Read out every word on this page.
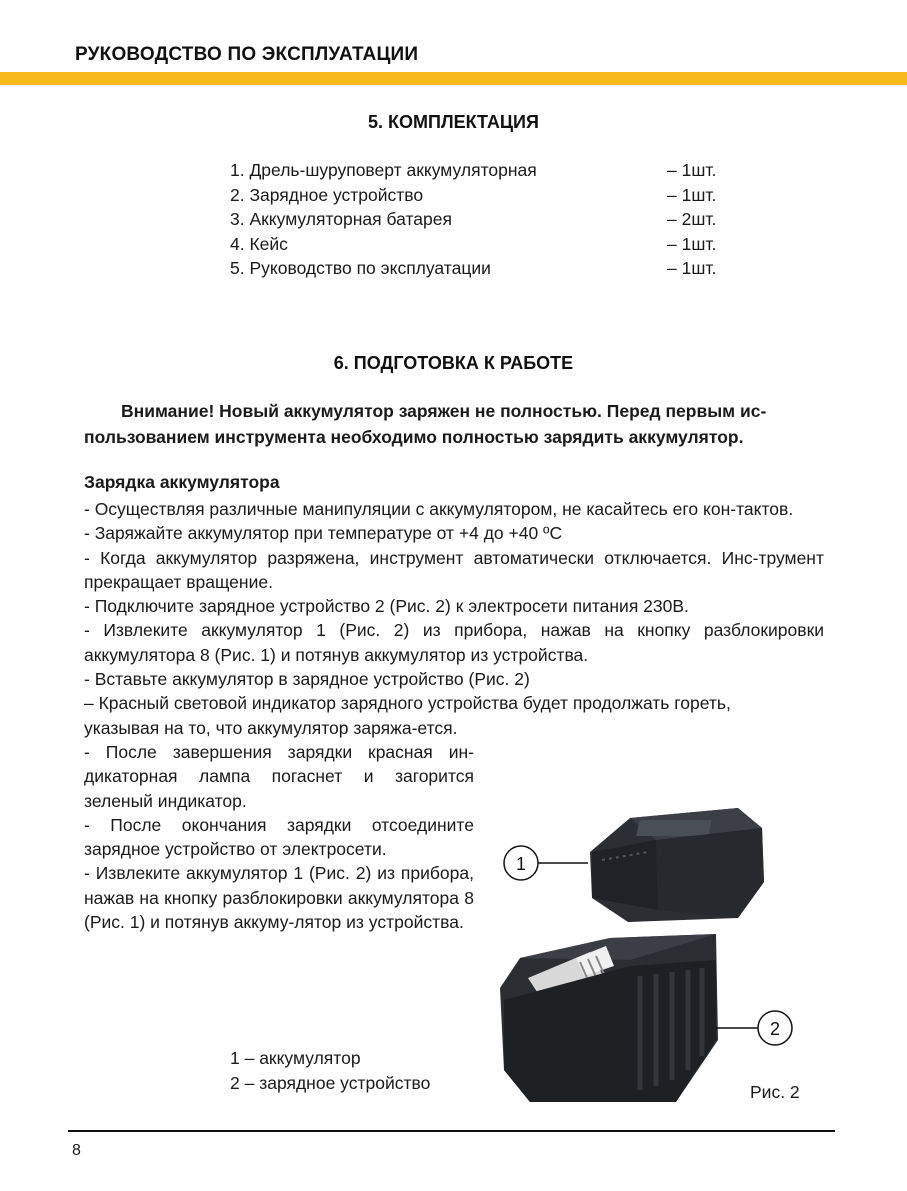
РУКОВОДСТВО ПО ЭКСПЛУАТАЦИИ
5. КОМПЛЕКТАЦИЯ
1. Дрель-шуруповерт аккумуляторная	– 1шт.
2. Зарядное устройство	– 1шт.
3. Аккумуляторная батарея	– 2шт.
4. Кейс	– 1шт.
5. Руководство по эксплуатации	– 1шт.
6. ПОДГОТОВКА К РАБОТЕ

Внимание! Новый аккумулятор заряжен не полностью. Перед первым ис-

пользованием инструмента необходимо полностью зарядить аккумулятор.

Зарядка аккумулятора

- Осуществляя различные манипуляции с аккумулятором, не касайтесь его кон-тактов.

- Заряжайте аккумулятор при температуре от +4 до +40 ºC

- Когда аккумулятор разряжена, инструмент автоматически отключается. Инс-трумент прекращает вращение.

- Подключите зарядное устройство 2 (Рис. 2) к электросети питания 230В.

- Извлеките аккумулятор 1 (Рис. 2) из прибора, нажав на кнопку разблокировки аккумулятора 8 (Рис. 1) и потянув аккумулятор из устройства.

- Вставьте аккумулятор в зарядное устройство (Рис. 2)

– Красный световой индикатор зарядного устройства будет продолжать гореть,

указывая на то, что аккумулятор заряжа-ется.

- После завершения зарядки красная ин-дикаторная лампа погаснет и загорится зеленый индикатор.

- После окончания зарядки отсоедините зарядное устройство от электросети.

- Извлеките аккумулятор 1 (Рис. 2) из прибора, нажав на кнопку разблокировки аккумулятора 8 (Рис. 1) и потянув аккуму-лятор из устройства.

1
2
1 – аккумулятор
2 – зарядное устройство	Рис. 2
8
